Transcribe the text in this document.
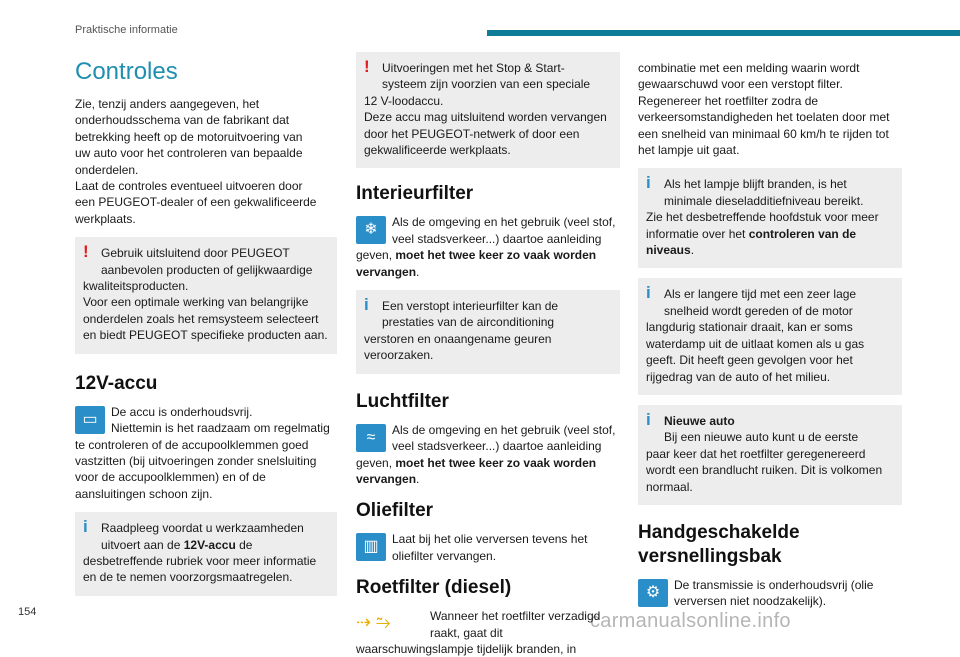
Praktische informatie
154	carmanualsonline.info
Controles

Zie, tenzij anders aangegeven, het
onderhoudsschema van de fabrikant dat
betrekking heeft op de motoruitvoering van
uw auto voor het controleren van bepaalde
onderdelen.
Laat de controles eventueel uitvoeren door
een PEUGEOT-dealer of een gekwalificeerde
werkplaats.

!	Gebruik uitsluitend door PEUGEOT
aanbevolen producten of gelijkwaardige
kwaliteitsproducten.
Voor een optimale werking van belangrijke
onderdelen zoals het remsysteem selecteert
en biedt PEUGEOT specifieke producten aan.
12V-accu
▭	De accu is onderhoudsvrij.
Niettemin is het raadzaam om regelmatig
te controleren of de accupoolklemmen goed
vastzitten (bij uitvoeringen zonder snelsluiting
voor de accupoolklemmen) en of de
aansluitingen schoon zijn.

i	Raadpleeg voordat u werkzaamheden
uitvoert aan de 12V-accu de
desbetreffende rubriek voor meer informatie
en de te nemen voorzorgsmaatregelen.
!	Uitvoeringen met het Stop & Start-
systeem zijn voorzien van een speciale
12 V-loodaccu.
Deze accu mag uitsluitend worden vervangen
door het PEUGEOT-netwerk of door een
gekwalificeerde werkplaats.
Interieurfilter
❄	Als de omgeving en het gebruik (veel stof,
veel stadsverkeer...) daartoe aanleiding
geven, moet het twee keer zo vaak worden
vervangen.

i	Een verstopt interieurfilter kan de
prestaties van de airconditioning
verstoren en onaangename geuren
veroorzaken.
Luchtfilter
≈	Als de omgeving en het gebruik (veel stof,
veel stadsverkeer...) daartoe aanleiding
geven, moet het twee keer zo vaak worden
vervangen.

Oliefilter
▥	Laat bij het olie verversen tevens het
oliefilter vervangen.

Roetfilter (diesel)
⇢ ⥲	Wanneer het roetfilter verzadigd
raakt, gaat dit
waarschuwingslampje tijdelijk branden, in

combinatie met een melding waarin wordt
gewaarschuwd voor een verstopt filter.
Regenereer het roetfilter zodra de
verkeersomstandigheden het toelaten door met
een snelheid van minimaal 60 km/h te rijden tot
het lampje uit gaat.

i	Als het lampje blijft branden, is het
minimale dieseladditiefniveau bereikt.
Zie het desbetreffende hoofdstuk voor meer
informatie over het controleren van de
niveaus.
i	Als er langere tijd met een zeer lage
snelheid wordt gereden of de motor
langdurig stationair draait, kan er soms
waterdamp uit de uitlaat komen als u gas
geeft. Dit heeft geen gevolgen voor het
rijgedrag van de auto of het milieu.
i	Nieuwe auto
Bij een nieuwe auto kunt u de eerste
paar keer dat het roetfilter geregenereerd
wordt een brandlucht ruiken. Dit is volkomen
normaal.
Handgeschakelde
versnellingsbak
⚙	De transmissie is onderhoudsvrij (olie
verversen niet noodzakelijk).
